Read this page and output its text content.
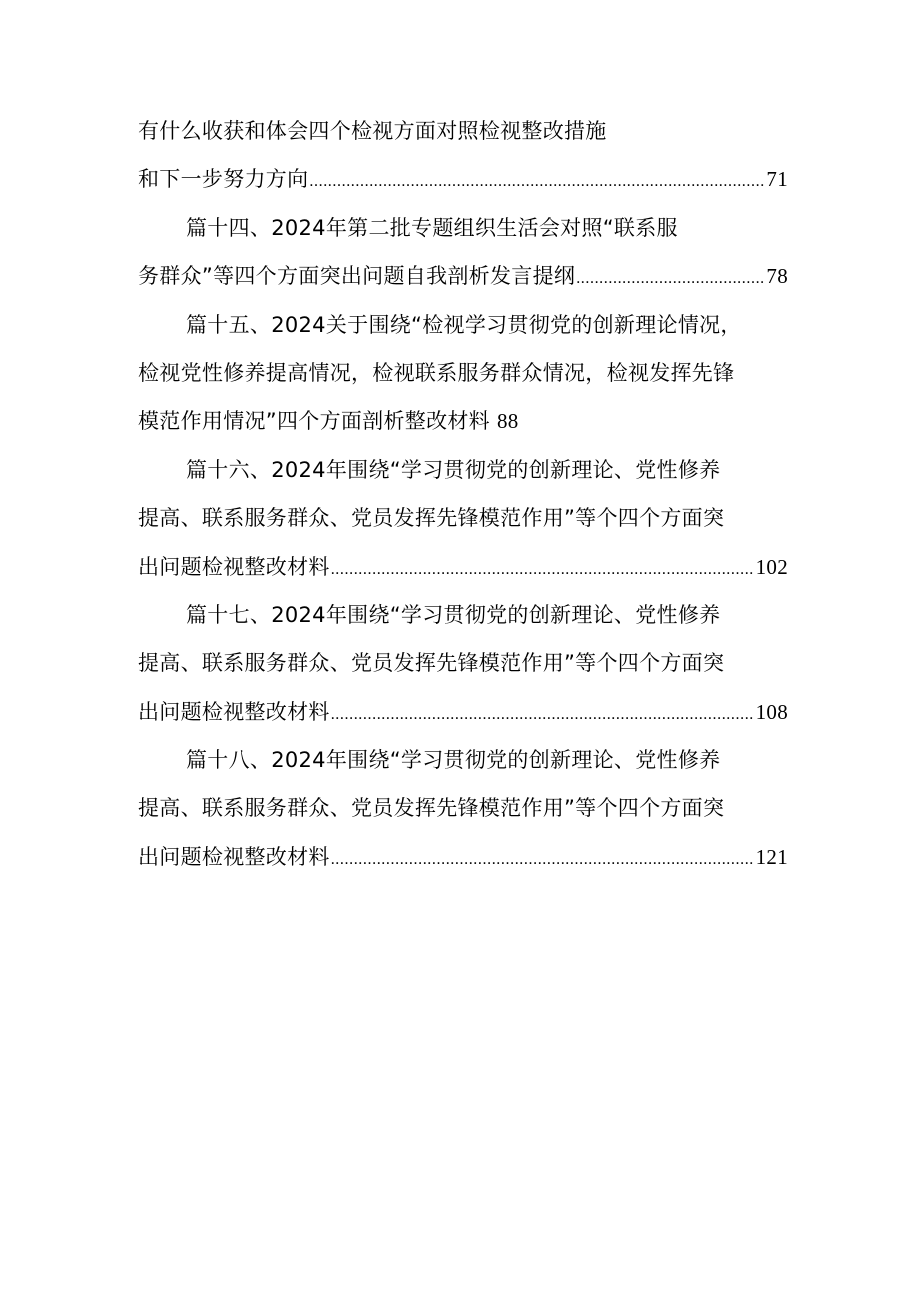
有什么收获和体会四个检视方面对照检视整改措施
和下一步努力方向 .....	71
篇十四、2024年第二批专题组织生活会对照“联系服
务群众”等四个方面突出问题自我剖析发言提纲 .....	78
篇十五、2024关于围绕“检视学习贯彻党的创新理论情况，
检视党性修养提高情况，检视联系服务群众情况，检视发挥先锋
模范作用情况”四个方面剖析整改材料 88
篇十六、2024年围绕“学习贯彻党的创新理论、党性修养
提高、联系服务群众、党员发挥先锋模范作用”等个四个方面突
出问题检视整改材料 .....	102
篇十七、2024年围绕“学习贯彻党的创新理论、党性修养
提高、联系服务群众、党员发挥先锋模范作用”等个四个方面突
出问题检视整改材料 .....	108
篇十八、2024年围绕“学习贯彻党的创新理论、党性修养
提高、联系服务群众、党员发挥先锋模范作用”等个四个方面突
出问题检视整改材料 .....	121
